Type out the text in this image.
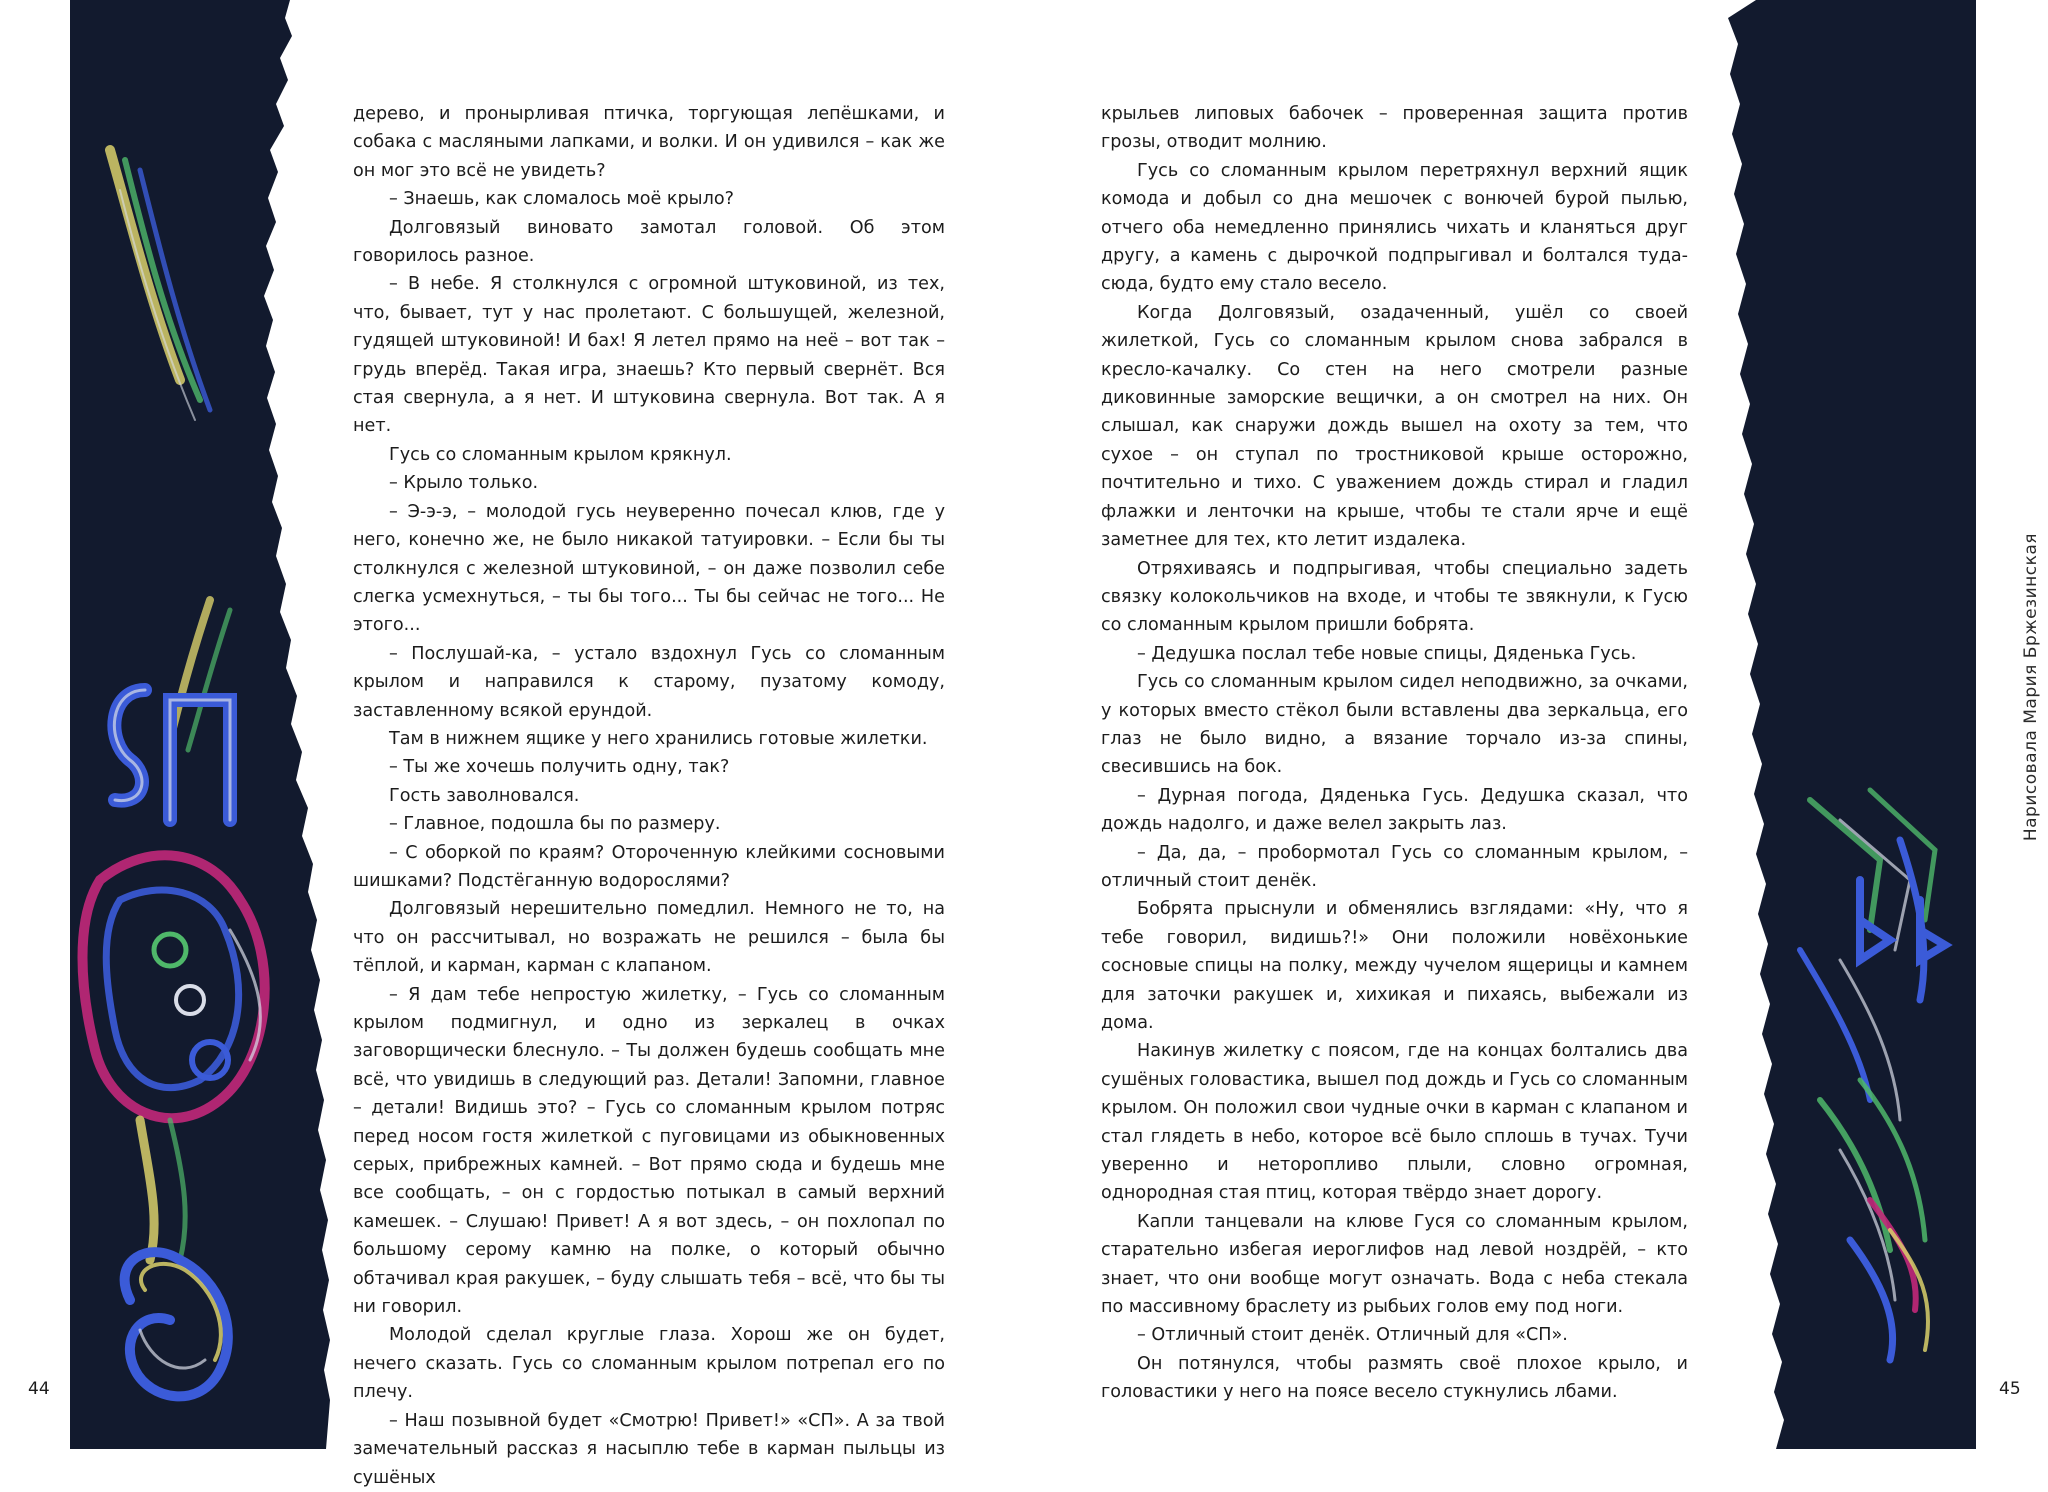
дерево, и пронырливая птичка, торгующая лепёшками, и собака с масляными лапками, и волки. И он удивился – как же он мог это всё не увидеть?

– Знаешь, как сломалось моё крыло?

Долговязый виновато замотал головой. Об этом говорилось разное.

– В небе. Я столкнулся с огромной штуковиной, из тех, что, бывает, тут у нас пролетают. С большущей, железной, гудящей штуковиной! И бах! Я летел прямо на неё – вот так – грудь вперёд. Такая игра, знаешь? Кто первый свернёт. Вся стая свернула, а я нет. И штуковина свернула. Вот так. А я нет.

Гусь со сломанным крылом крякнул.

– Крыло только.

– Э-э-э, – молодой гусь неуверенно почесал клюв, где у него, конечно же, не было никакой татуировки. – Если бы ты столкнулся с железной штуковиной, – он даже позволил себе слегка усмехнуться, – ты бы того... Ты бы сейчас не того... Не этого...

– Послушай-ка, – устало вздохнул Гусь со сломанным крылом и направился к старому, пузатому комоду, заставленному всякой ерундой.

Там в нижнем ящике у него хранились готовые жилетки.

– Ты же хочешь получить одну, так?

Гость заволновался.

– Главное, подошла бы по размеру.

– С оборкой по краям? Отороченную клейкими сосновыми шишками? Подстёганную водорослями?

Долговязый нерешительно помедлил. Немного не то, на что он рассчитывал, но возражать не решился – была бы тёплой, и карман, карман с клапаном.

– Я дам тебе непростую жилетку, – Гусь со сломанным крылом подмигнул, и одно из зеркалец в очках заговорщически блеснуло. – Ты должен будешь сообщать мне всё, что увидишь в следующий раз. Детали! Запомни, главное – детали! Видишь это? – Гусь со сломанным крылом потряс перед носом гостя жилеткой с пуговицами из обыкновенных серых, прибрежных камней. – Вот прямо сюда и будешь мне все сообщать, – он с гордостью потыкал в самый верхний камешек. – Слушаю! Привет! А я вот здесь, – он похлопал по большому серому камню на полке, о который обычно обтачивал края ракушек, – буду слышать тебя – всё, что бы ты ни говорил.

Молодой сделал круглые глаза. Хорош же он будет, нечего сказать. Гусь со сломанным крылом потрепал его по плечу.

– Наш позывной будет «Смотрю! Привет!» «СП». А за твой замечательный рассказ я насыплю тебе в карман пыльцы из сушёных

крыльев липовых бабочек – проверенная защита против грозы, отводит молнию.

Гусь со сломанным крылом перетряхнул верхний ящик комода и добыл со дна мешочек с вонючей бурой пылью, отчего оба немедленно принялись чихать и кланяться друг другу, а камень с дырочкой подпрыгивал и болтался туда-сюда, будто ему стало весело.

Когда Долговязый, озадаченный, ушёл со своей жилеткой, Гусь со сломанным крылом снова забрался в кресло-качалку. Со стен на него смотрели разные диковинные заморские вещички, а он смотрел на них. Он слышал, как снаружи дождь вышел на охоту за тем, что сухое – он ступал по тростниковой крыше осторожно, почтительно и тихо. С уважением дождь стирал и гладил флажки и ленточки на крыше, чтобы те стали ярче и ещё заметнее для тех, кто летит издалека.

Отряхиваясь и подпрыгивая, чтобы специально задеть связку колокольчиков на входе, и чтобы те звякнули, к Гусю со сломанным крылом пришли бобрята.

– Дедушка послал тебе новые спицы, Дяденька Гусь.

Гусь со сломанным крылом сидел неподвижно, за очками, у которых вместо стёкол были вставлены два зеркальца, его глаз не было видно, а вязание торчало из-за спины, свесившись на бок.

– Дурная погода, Дяденька Гусь. Дедушка сказал, что дождь надолго, и даже велел закрыть лаз.

– Да, да, – пробормотал Гусь со сломанным крылом, – отличный стоит денёк.

Бобрята прыснули и обменялись взглядами: «Ну, что я тебе говорил, видишь?!» Они положили новёхонькие сосновые спицы на полку, между чучелом ящерицы и камнем для заточки ракушек и, хихикая и пихаясь, выбежали из дома.

Накинув жилетку с поясом, где на концах болтались два сушёных головастика, вышел под дождь и Гусь со сломанным крылом. Он положил свои чудные очки в карман с клапаном и стал глядеть в небо, которое всё было сплошь в тучах. Тучи уверенно и неторопливо плыли, словно огромная, однородная стая птиц, которая твёрдо знает дорогу.

Капли танцевали на клюве Гуся со сломанным крылом, старательно избегая иероглифов над левой ноздрёй, – кто знает, что они вообще могут означать. Вода с неба стекала по массивному браслету из рыбьих голов ему под ноги.

– Отличный стоит денёк. Отличный для «СП».

Он потянулся, чтобы размять своё плохое крыло, и головастики у него на поясе весело стукнулись лбами.

44	45
Нарисовала Мария Бржезинская
